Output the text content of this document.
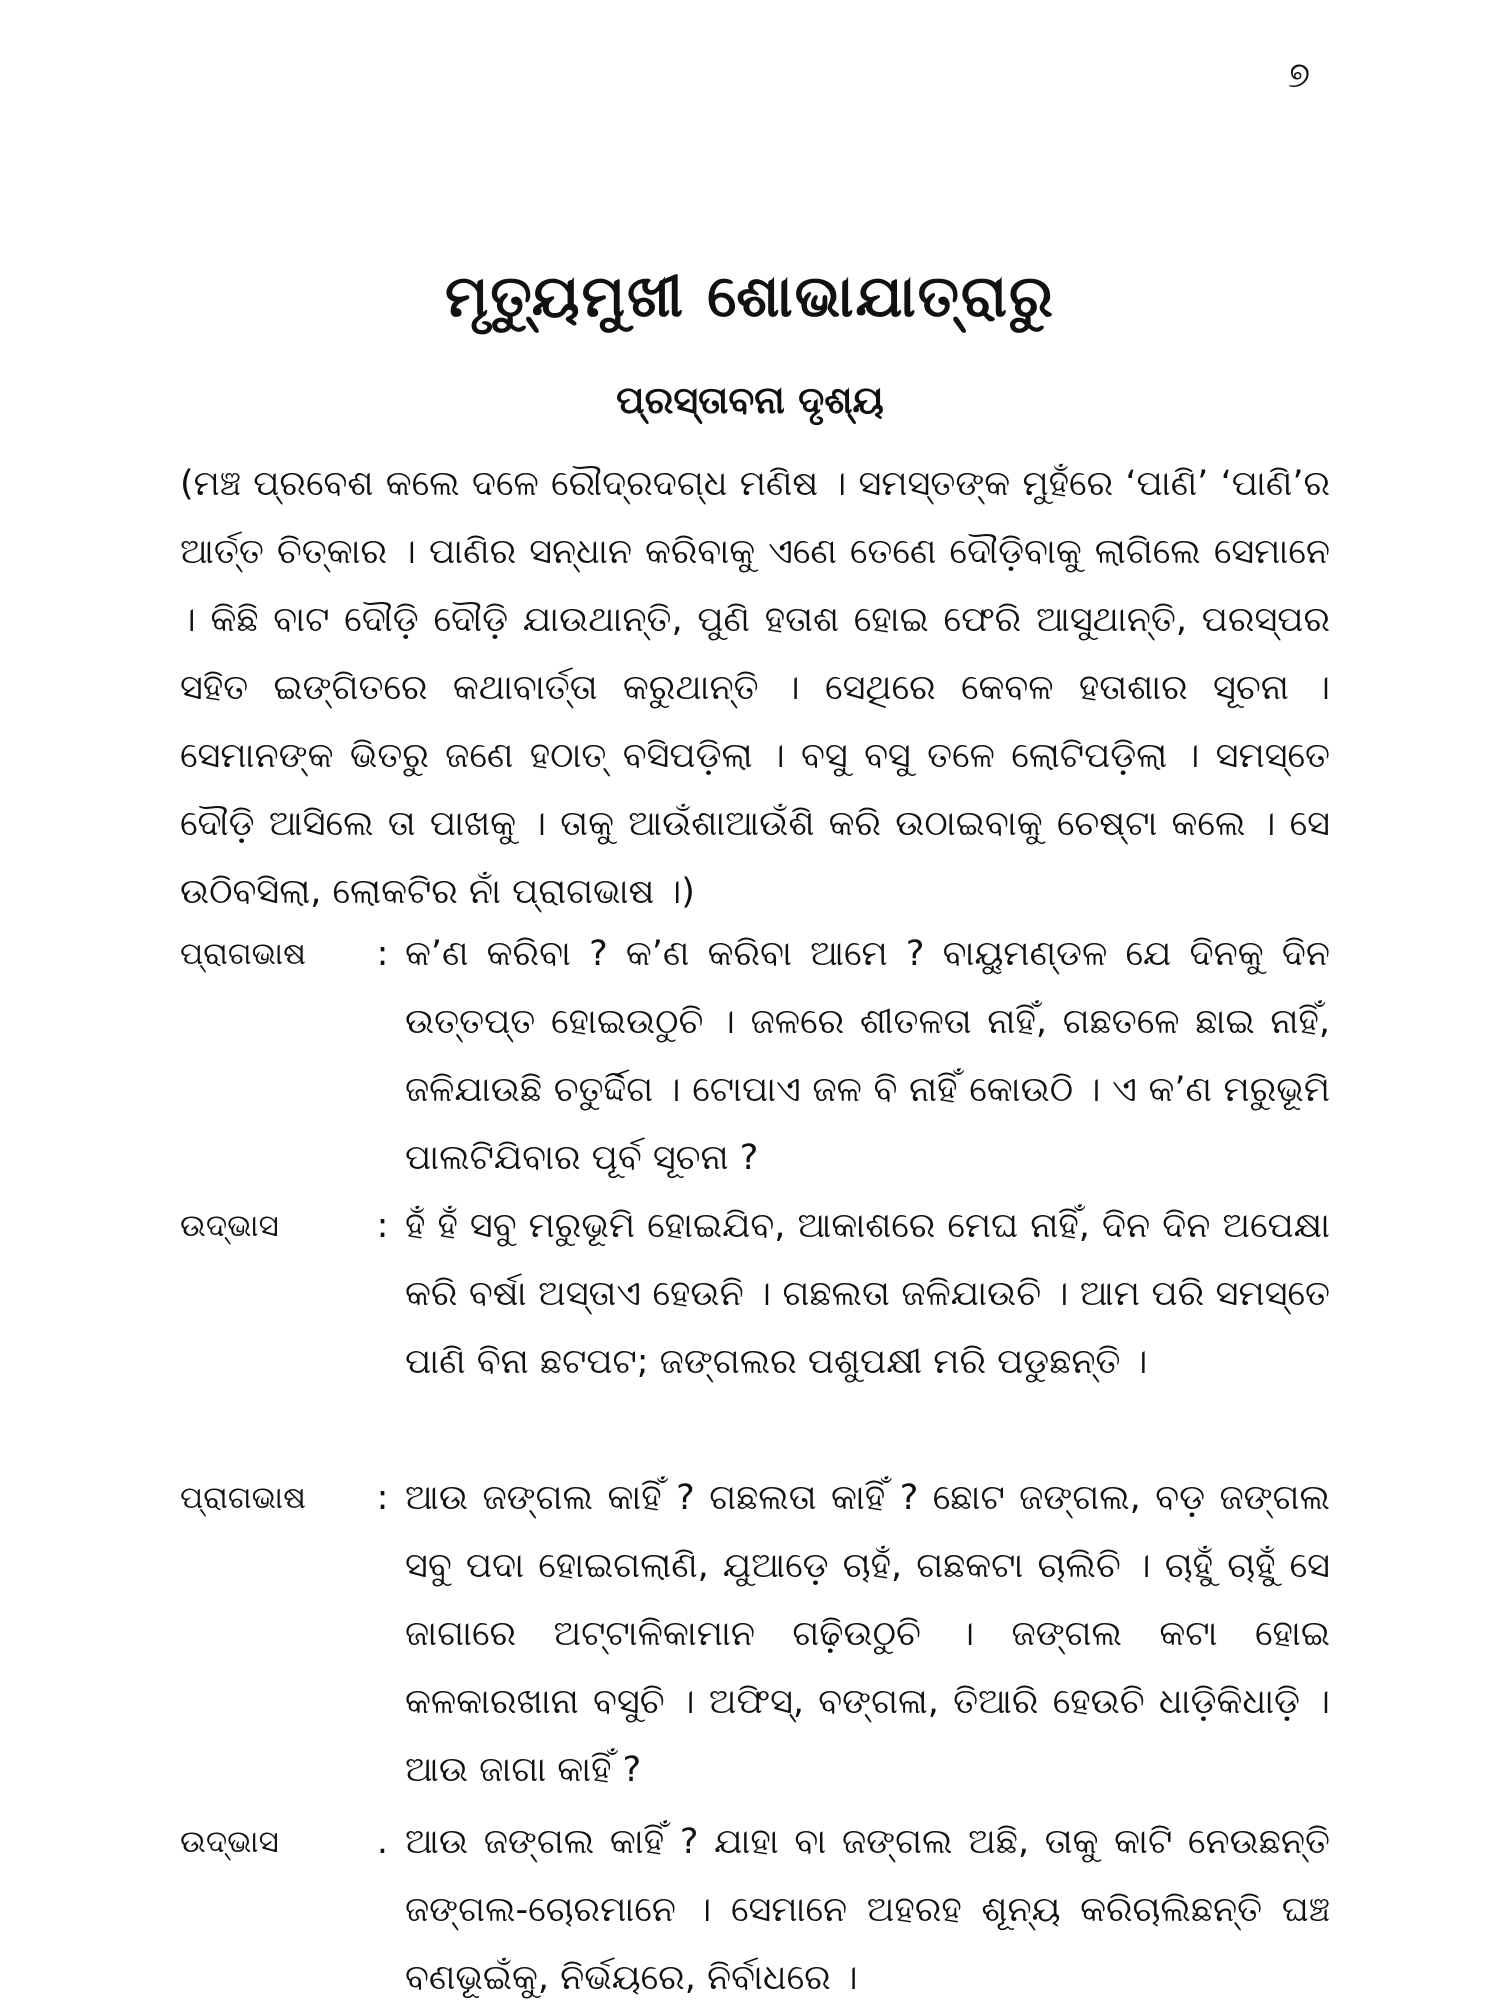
୭
ମୃତ୍ୟୁମୁଖୀ ଶୋଭାଯାତ୍ରାରୁ
ପ୍ରସ୍ତାବନା ଦୃଶ୍ୟ
(ମଞ୍ଚ ପ୍ରବେଶ କଲେ ଦଳେ ରୌଦ୍ରଦଗ୍ଧ ମଣିଷ । ସମସ୍ତଙ୍କ ମୁହଁରେ ‘ପାଣି’ ‘ପାଣି’ର ଆର୍ତ୍ତ ଚିତ୍କାର । ପାଣିର ସନ୍ଧାନ କରିବାକୁ ଏଣେ ତେଣେ ଦୌଡ଼ିବାକୁ ଲାଗିଲେ ସେମାନେ । କିଛି ବାଟ ଦୌଡ଼ି ଦୌଡ଼ି ଯାଉଥାନ୍ତି, ପୁଣି ହତାଶ ହୋଇ ଫେରି ଆସୁଥାନ୍ତି, ପରସ୍ପର ସହିତ ଇଙ୍ଗିତରେ କଥାବାର୍ତ୍ତା କରୁଥାନ୍ତି । ସେଥିରେ କେବଳ ହତାଶାର ସୂଚନା । ସେମାନଙ୍କ ଭିତରୁ ଜଣେ ହଠାତ୍ ବସିପଡ଼ିଲା । ବସୁ ବସୁ ତଳେ ଲୋଟିପଡ଼ିଲା । ସମସ୍ତେ ଦୌଡ଼ି ଆସିଲେ ତା ପାଖକୁ । ତାକୁ ଆଉଁଶାଆଉଁଶି କରି ଉଠାଇବାକୁ ଚେଷ୍ଟା କଲେ । ସେ ଉଠିବସିଲା, ଲୋକଟିର ନାଁ ପ୍ରାଗଭାଷ ।)
ପ୍ରାଗଭାଷ	: କ’ଣ କରିବା ? କ’ଣ କରିବା ଆମେ ? ବାୟୁମଣ୍ଡଳ ଯେ ଦିନକୁ ଦିନ ଉତ୍ତପ୍ତ ହୋଇଉଠୁଚି । ଜଳରେ ଶୀତଳତା ନାହିଁ, ଗଛତଳେ ଛାଇ ନାହିଁ, ଜଳିଯାଉଛି ଚତୁର୍ଦ୍ଦିଗ । ଟୋପାଏ ଜଳ ବି ନାହିଁ କୋଉଠି । ଏ କ’ଣ ମରୁଭୂମି ପାଲଟିଯିବାର ପୂର୍ବ ସୂଚନା ?
ଉଦ୍‌ଭାସ	: ହଁ ହଁ ସବୁ ମରୁଭୂମି ହୋଇଯିବ, ଆକାଶରେ ମେଘ ନାହିଁ, ଦିନ ଦିନ ଅପେକ୍ଷା କରି ବର୍ଷା ଅସ୍ତାଏ ହେଉନି । ଗଛଲତା ଜଳିଯାଉଚି । ଆମ ପରି ସମସ୍ତେ ପାଣି ବିନା ଛଟପଟ; ଜଙ୍ଗଲର ପଶୁପକ୍ଷୀ ମରି ପଡୁଛନ୍ତି ।
ପ୍ରାଗଭାଷ	: ଆଉ ଜଙ୍ଗଲ କାହିଁ ? ଗଛଲତା କାହିଁ ? ଛୋଟ ଜଙ୍ଗଲ, ବଡ଼ ଜଙ୍ଗଲ ସବୁ ପଦା ହୋଇଗଲାଣି, ଯୁଆଡ଼େ ଚାହଁ, ଗଛକଟା ଚାଲିଚି । ଚାହୁଁ ଚାହୁଁ ସେ ଜାଗାରେ ଅଟ୍ଟାଳିକାମାନ ଗଢ଼ିଉଠୁଚି । ଜଙ୍ଗଲ କଟା ହୋଇ କଳକାରଖାନା ବସୁଚି । ଅଫିସ୍, ବଙ୍ଗଳା, ତିଆରି ହେଉଚି ଧାଡ଼ିକିଧାଡ଼ି । ଆଉ ଜାଗା କାହିଁ ?
ଉଦ୍‌ଭାସ	. ଆଉ ଜଙ୍ଗଲ କାହିଁ ? ଯାହା ବା ଜଙ୍ଗଲ ଅଛି, ତାକୁ କାଟି ନେଉଛନ୍ତି ଜଙ୍ଗଲ-ଚୋରମାନେ । ସେମାନେ ଅହରହ ଶୂନ୍ୟ କରିଚାଲିଛନ୍ତି ଘଞ୍ଚ ବଣଭୂଇଁକୁ, ନିର୍ଭୟରେ, ନିର୍ବାଧରେ ।
